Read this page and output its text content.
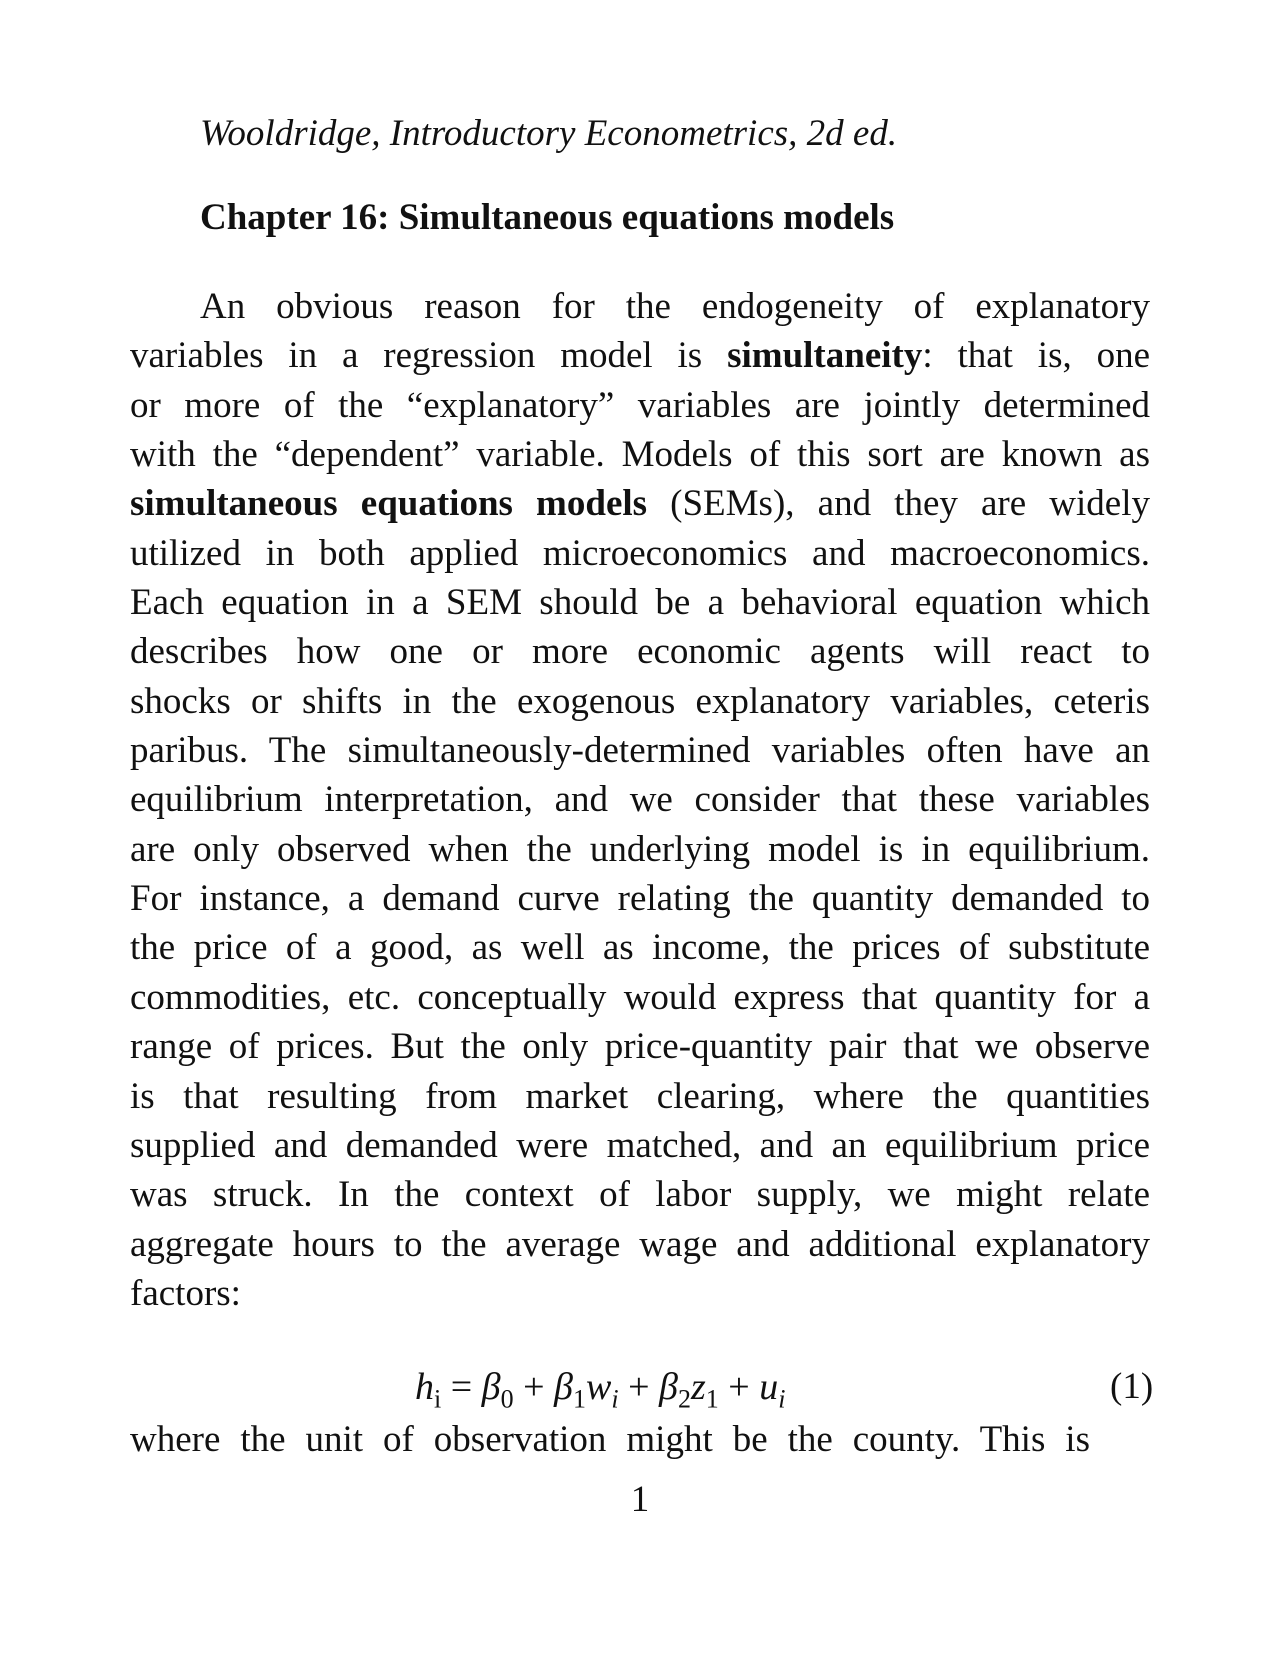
Wooldridge, Introductory Econometrics, 2d ed.
Chapter 16: Simultaneous equations models
An obvious reason for the endogeneity of explanatory
variables in a regression model is simultaneity: that is, one
or more of the “explanatory” variables are jointly determined
with the “dependent” variable. Models of this sort are known as
simultaneous equations models (SEMs), and they are widely
utilized in both applied microeconomics and macroeconomics.
Each equation in a SEM should be a behavioral equation which
describes how one or more economic agents will react to
shocks or shifts in the exogenous explanatory variables, ceteris
paribus. The simultaneously-determined variables often have an
equilibrium interpretation, and we consider that these variables
are only observed when the underlying model is in equilibrium.
For instance, a demand curve relating the quantity demanded to
the price of a good, as well as income, the prices of substitute
commodities, etc. conceptually would express that quantity for a
range of prices. But the only price-quantity pair that we observe
is that resulting from market clearing, where the quantities
supplied and demanded were matched, and an equilibrium price
was struck. In the context of labor supply, we might relate
aggregate hours to the average wage and additional explanatory
factors:
$h_i = \beta_0 + \beta_1w_i + \beta_2z_1 + u_i$	(1)
where the unit of observation might be the county. This is
1
